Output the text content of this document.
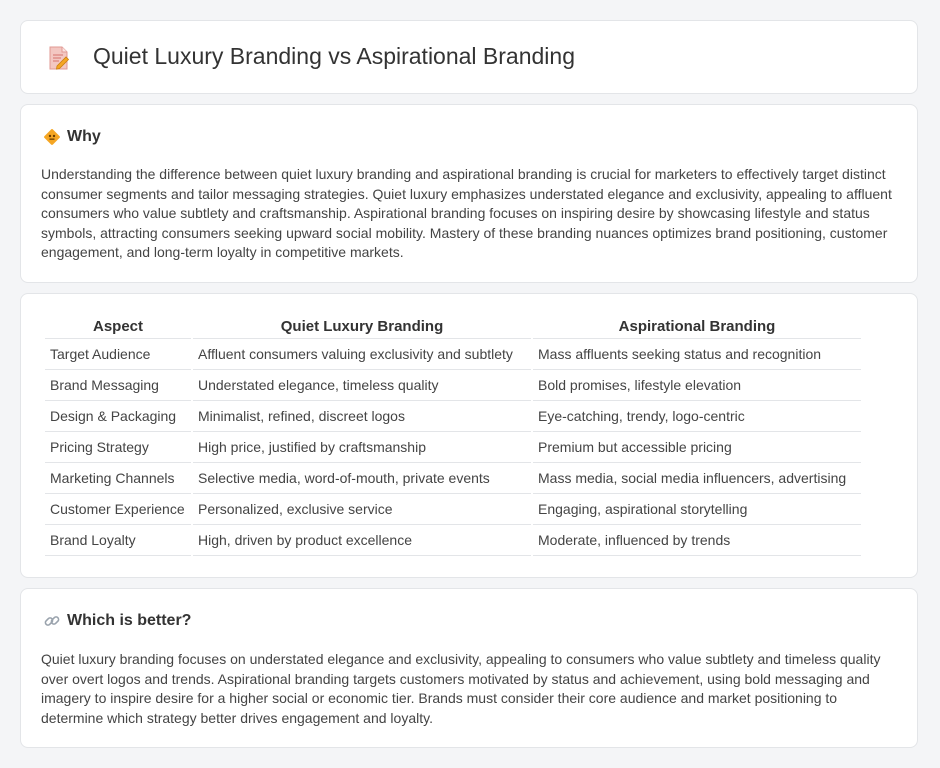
Quiet Luxury Branding vs Aspirational Branding
Why

Understanding the difference between quiet luxury branding and aspirational branding is crucial for marketers to effectively target distinct consumer segments and tailor messaging strategies. Quiet luxury emphasizes understated elegance and exclusivity, appealing to affluent consumers who value subtlety and craftsmanship. Aspirational branding focuses on inspiring desire by showcasing lifestyle and status symbols, attracting consumers seeking upward social mobility. Mastery of these branding nuances optimizes brand positioning, customer engagement, and long-term loyalty in competitive markets.

Aspect	Quiet Luxury Branding	Aspirational Branding
Target Audience	Affluent consumers valuing exclusivity and subtlety	Mass affluents seeking status and recognition
Brand Messaging	Understated elegance, timeless quality	Bold promises, lifestyle elevation
Design & Packaging	Minimalist, refined, discreet logos	Eye-catching, trendy, logo-centric
Pricing Strategy	High price, justified by craftsmanship	Premium but accessible pricing
Marketing Channels	Selective media, word-of-mouth, private events	Mass media, social media influencers, advertising
Customer Experience	Personalized, exclusive service	Engaging, aspirational storytelling
Brand Loyalty	High, driven by product excellence	Moderate, influenced by trends
Which is better?

Quiet luxury branding focuses on understated elegance and exclusivity, appealing to consumers who value subtlety and timeless quality over overt logos and trends. Aspirational branding targets customers motivated by status and achievement, using bold messaging and imagery to inspire desire for a higher social or economic tier. Brands must consider their core audience and market positioning to determine which strategy better drives engagement and loyalty.
